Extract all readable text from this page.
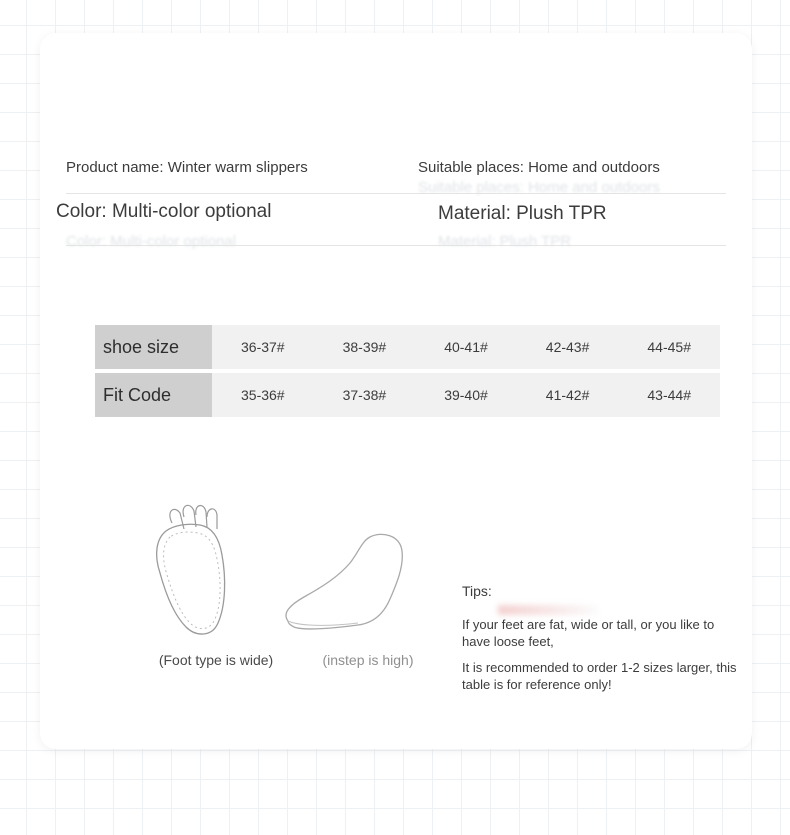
Product name: Winter warm slippers	Suitable places: Home and outdoors
Suitable places: Home and outdoors
Color: Multi-color optional	Material: Plush TPR
Color: Multi-color optional	Material: Plush TPR
shoe size	36-37#	38-39#	40-41#	42-43#	44-45#
Fit Code	35-36#	37-38#	39-40#	41-42#	43-44#
(Foot type is wide)	(instep is high)
Tips:
If your feet are fat, wide or tall, or you like to have loose feet,
It is recommended to order 1-2 sizes larger, this table is for reference only!
